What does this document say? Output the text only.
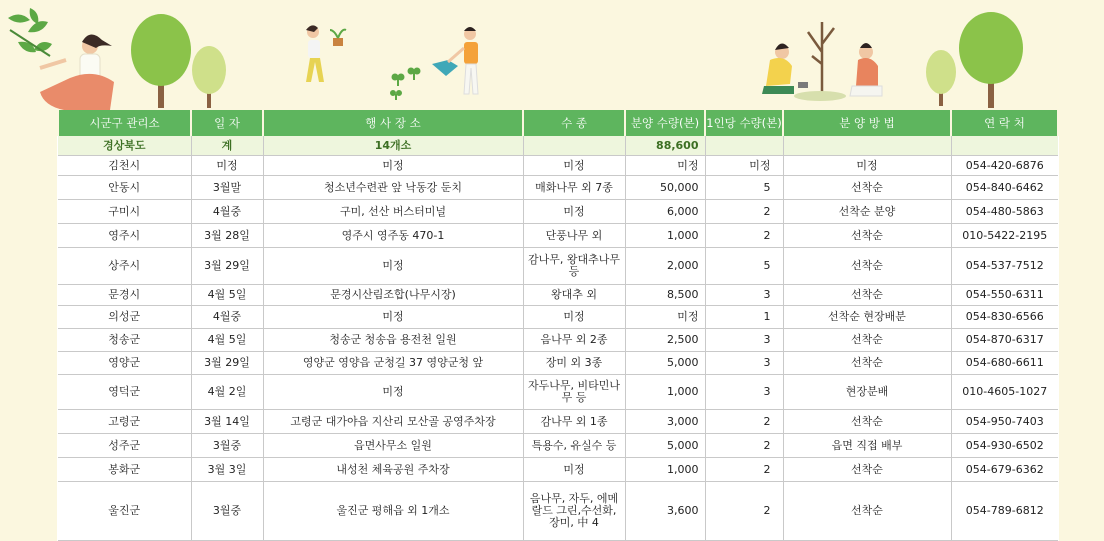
시군구 관리소	일 자	행 사 장 소	수 종	분양 수량(본)	1인당 수량(본)	분 양 방 법	연 락 처
경상북도	계	14개소		88,600			
김천시	미정	미정	미정	미정	미정	미정	054-420-6876
안동시	3월말	청소년수련관 앞 낙동강 둔치	매화나무 외 7종	50,000	5	선착순	054-840-6462
구미시	4월중	구미, 선산 버스터미널	미정	6,000	2	선착순 분양	054-480-5863
영주시	3월 28일	영주시 영주동 470-1	단풍나무 외	1,000	2	선착순	010-5422-2195
상주시	3월 29일	미정	감나무, 왕대추나무 등	2,000	5	선착순	054-537-7512
문경시	4월 5일	문경시산림조합(나무시장)	왕대추 외	8,500	3	선착순	054-550-6311
의성군	4월중	미정	미정	미정	1	선착순 현장배분	054-830-6566
청송군	4월 5일	청송군 청송읍 용전천 일원	음나무 외 2종	2,500	3	선착순	054-870-6317
영양군	3월 29일	영양군 영양읍 군청길 37 영양군청 앞	장미 외 3종	5,000	3	선착순	054-680-6611
영덕군	4월 2일	미정	자두나무, 비타민나무 등	1,000	3	현장분배	010-4605-1027
고령군	3월 14일	고령군 대가야읍 지산리 모산골 공영주차장	감나무 외 1종	3,000	2	선착순	054-950-7403
성주군	3월중	읍면사무소 일원	특용수, 유실수 등	5,000	2	읍면 직접 배부	054-930-6502
봉화군	3월 3일	내성천 체육공원 주차장	미정	1,000	2	선착순	054-679-6362
울진군	3월중	울진군 평해읍 외 1개소	음나무, 자두, 에메랄드 그린,수선화, 장미, 中 4	3,600	2	선착순	054-789-6812
